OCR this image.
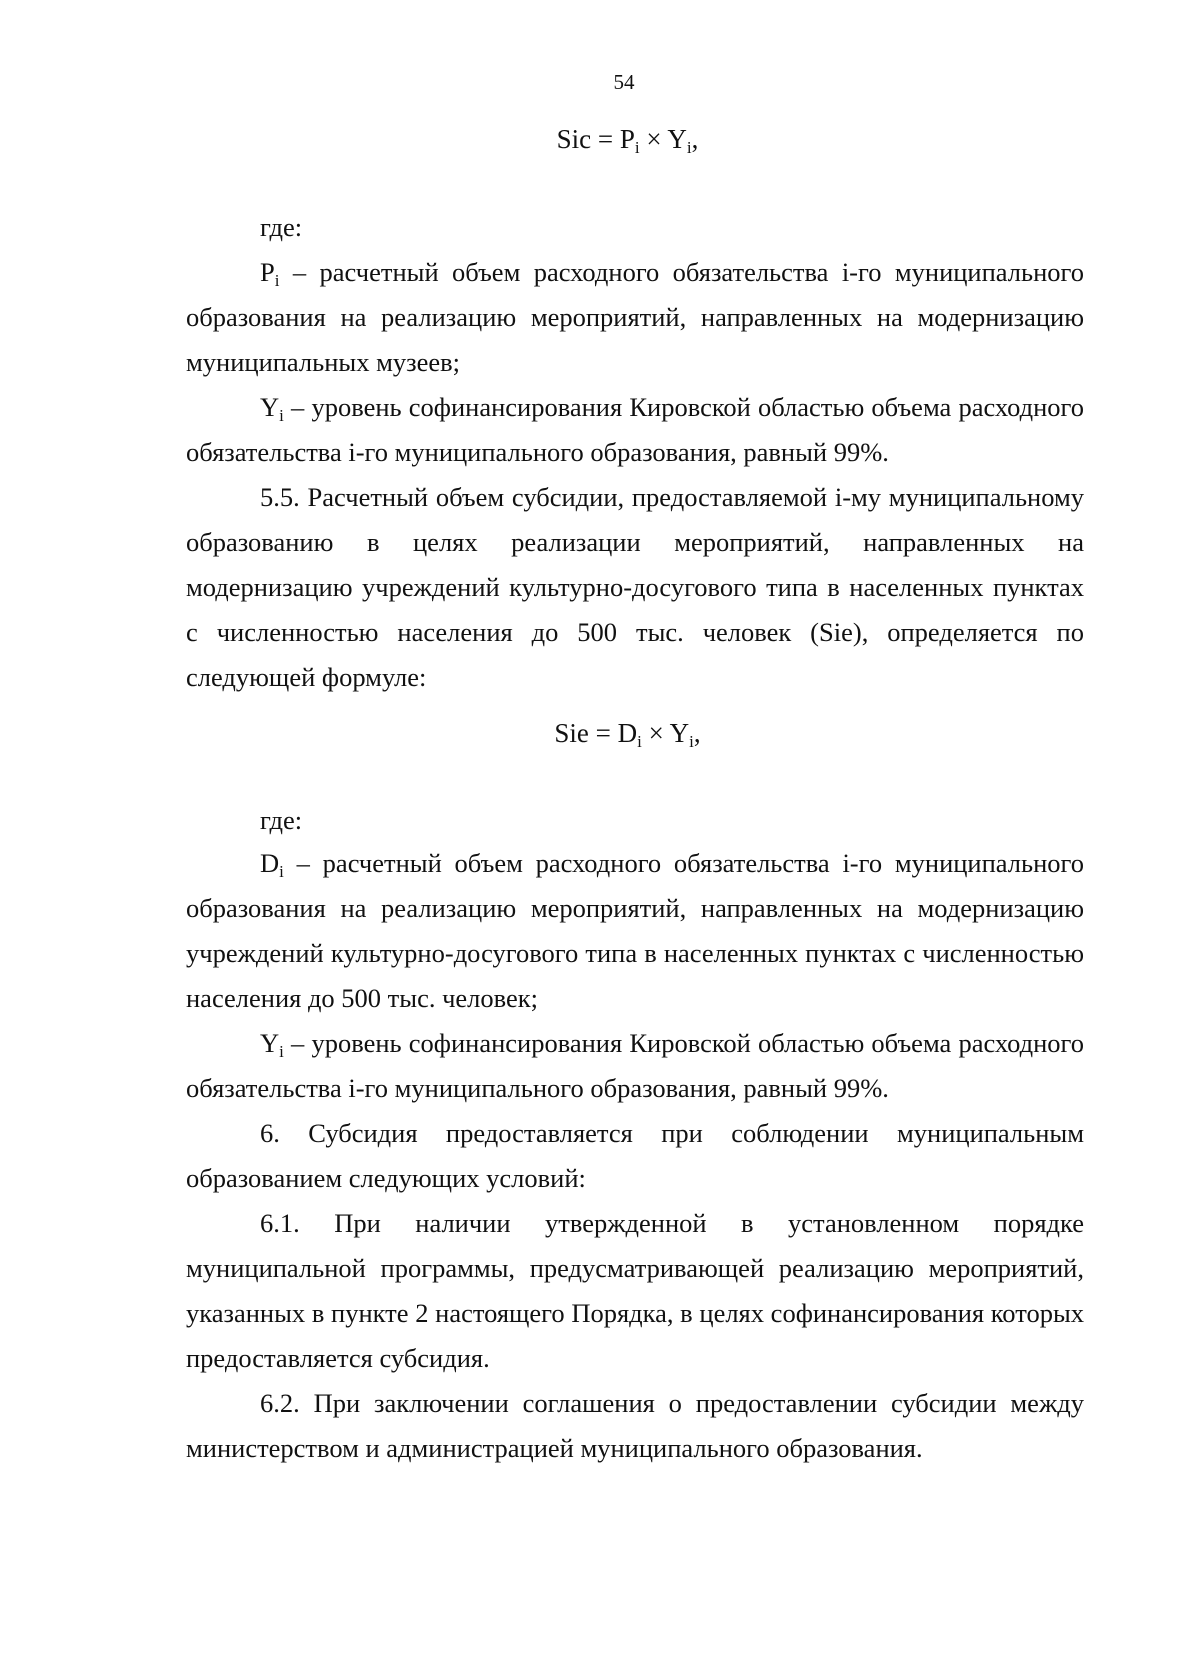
54
Sic = $P_i \times Y_i$,

где:

$P_i$ – расчетный объем расходного обязательства i-го муниципального образования на реализацию мероприятий, направленных на модернизацию муниципальных музеев;

$Y_i$ – уровень софинансирования Кировской областью объема расходного обязательства i-го муниципального образования, равный 99%.

5.5. Расчетный объем субсидии, предоставляемой i-му муниципальному образованию в целях реализации мероприятий, направленных на модернизацию учреждений культурно-досугового типа в населенных пунктах с численностью населения до 500 тыс. человек (Sie), определяется по следующей формуле:

Sie = $D_i \times Y_i$,

где:

$D_i$ – расчетный объем расходного обязательства i-го муниципального образования на реализацию мероприятий, направленных на модернизацию учреждений культурно-досугового типа в населенных пунктах с численностью населения до 500 тыс. человек;

$Y_i$ – уровень софинансирования Кировской областью объема расходного обязательства i-го муниципального образования, равный 99%.

6. Субсидия предоставляется при соблюдении муниципальным образованием следующих условий:

6.1. При наличии утвержденной в установленном порядке муниципальной программы, предусматривающей реализацию мероприятий, указанных в пункте 2 настоящего Порядка, в целях софинансирования которых предоставляется субсидия.

6.2. При заключении соглашения о предоставлении субсидии между министерством и администрацией муниципального образования.
